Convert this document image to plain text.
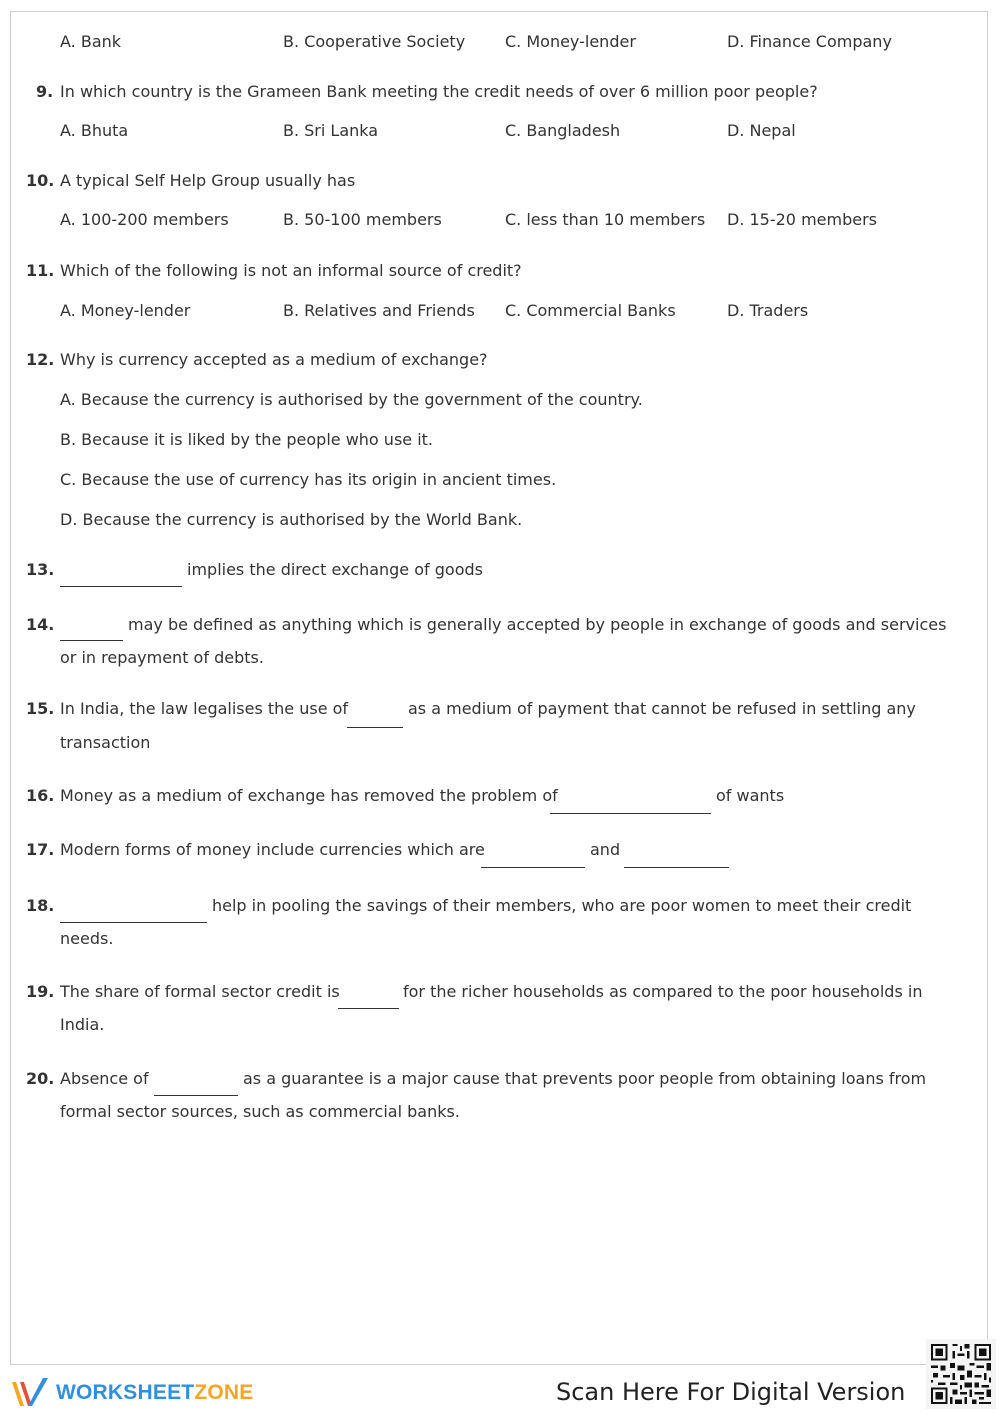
A. Bank	B. Cooperative Society C. Money-lender	D. Finance Company
9. In which country is the Grameen Bank meeting the credit needs of over 6 million poor people?
A. Bhuta	B. Sri Lanka	C. Bangladesh	D. Nepal
10. A typical Self Help Group usually has
A. 100-200 members	B. 50-100 members	C. less than 10 members D. 15-20 members
11. Which of the following is not an informal source of credit?
A. Money-lender	B. Relatives and Friends C. Commercial Banks	D. Traders
12. Why is currency accepted as a medium of exchange?
A. Because the currency is authorised by the government of the country.
B. Because it is liked by the people who use it.
C. Because the use of currency has its origin in ancient times.
D. Because the currency is authorised by the World Bank.
13.	implies the direct exchange of goods
14.	may be defined as anything which is generally accepted by people in exchange of goods and services
or in repayment of debts.
15. In India, the law legalises the use of	as a medium of payment that cannot be refused in settling any
transaction
16. Money as a medium of exchange has removed the problem of	of wants
17. Modern forms of money include currencies which are	and
18.	help in pooling the savings of their members, who are poor women to meet their credit
needs.
19. The share of formal sector credit is	for the richer households as compared to the poor households in
India.
20. Absence of	as a guarantee is a major cause that prevents poor people from obtaining loans from
formal sector sources, such as commercial banks.
WORKSHEETZONE	Scan Here For Digital Version
